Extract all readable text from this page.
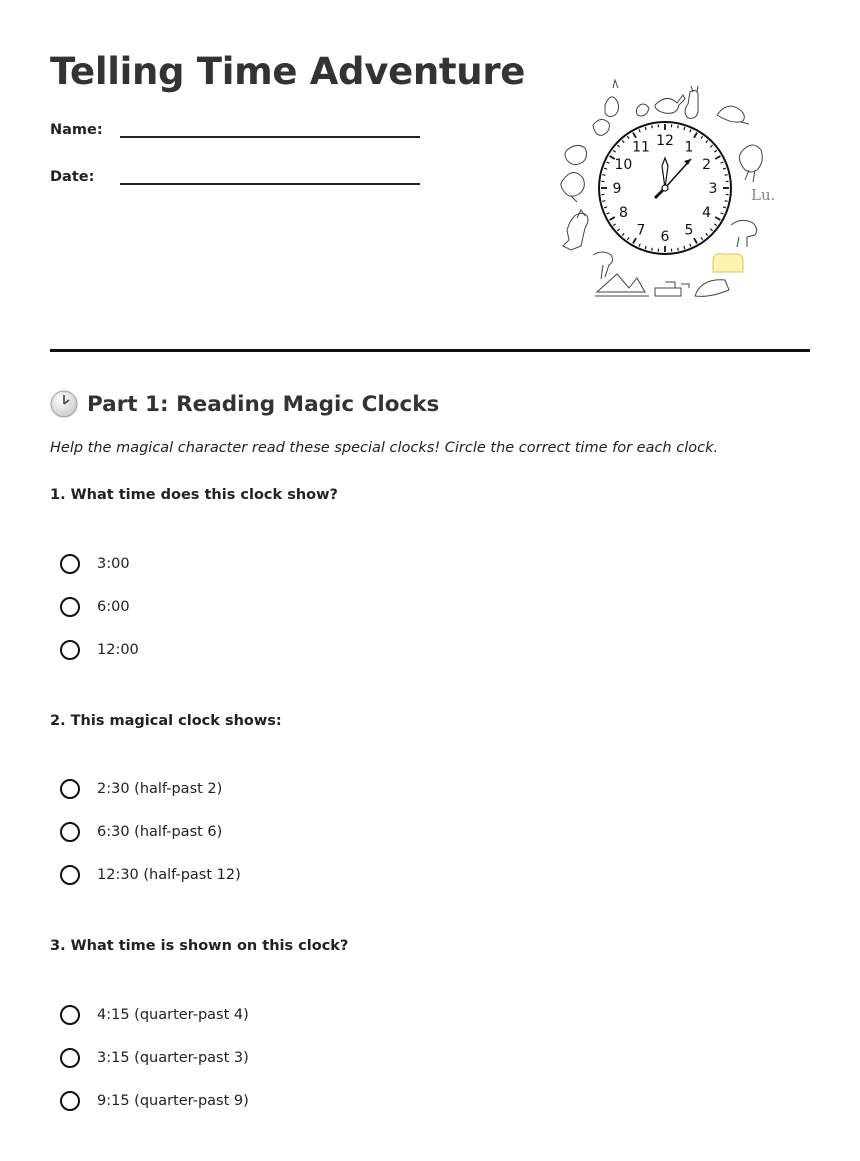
Telling Time Adventure
Name:
Date:
Lu.
12 1
2
3
4
5
6
7
8
9
10
11
Part 1: Reading Magic Clocks
Help the magical character read these special clocks! Circle the correct time for each clock.
1. What time does this clock show?
3:00
6:00
12:00
2. This magical clock shows:
2:30 (half-past 2)
6:30 (half-past 6)
12:30 (half-past 12)
3. What time is shown on this clock?
4:15 (quarter-past 4)
3:15 (quarter-past 3)
9:15 (quarter-past 9)
